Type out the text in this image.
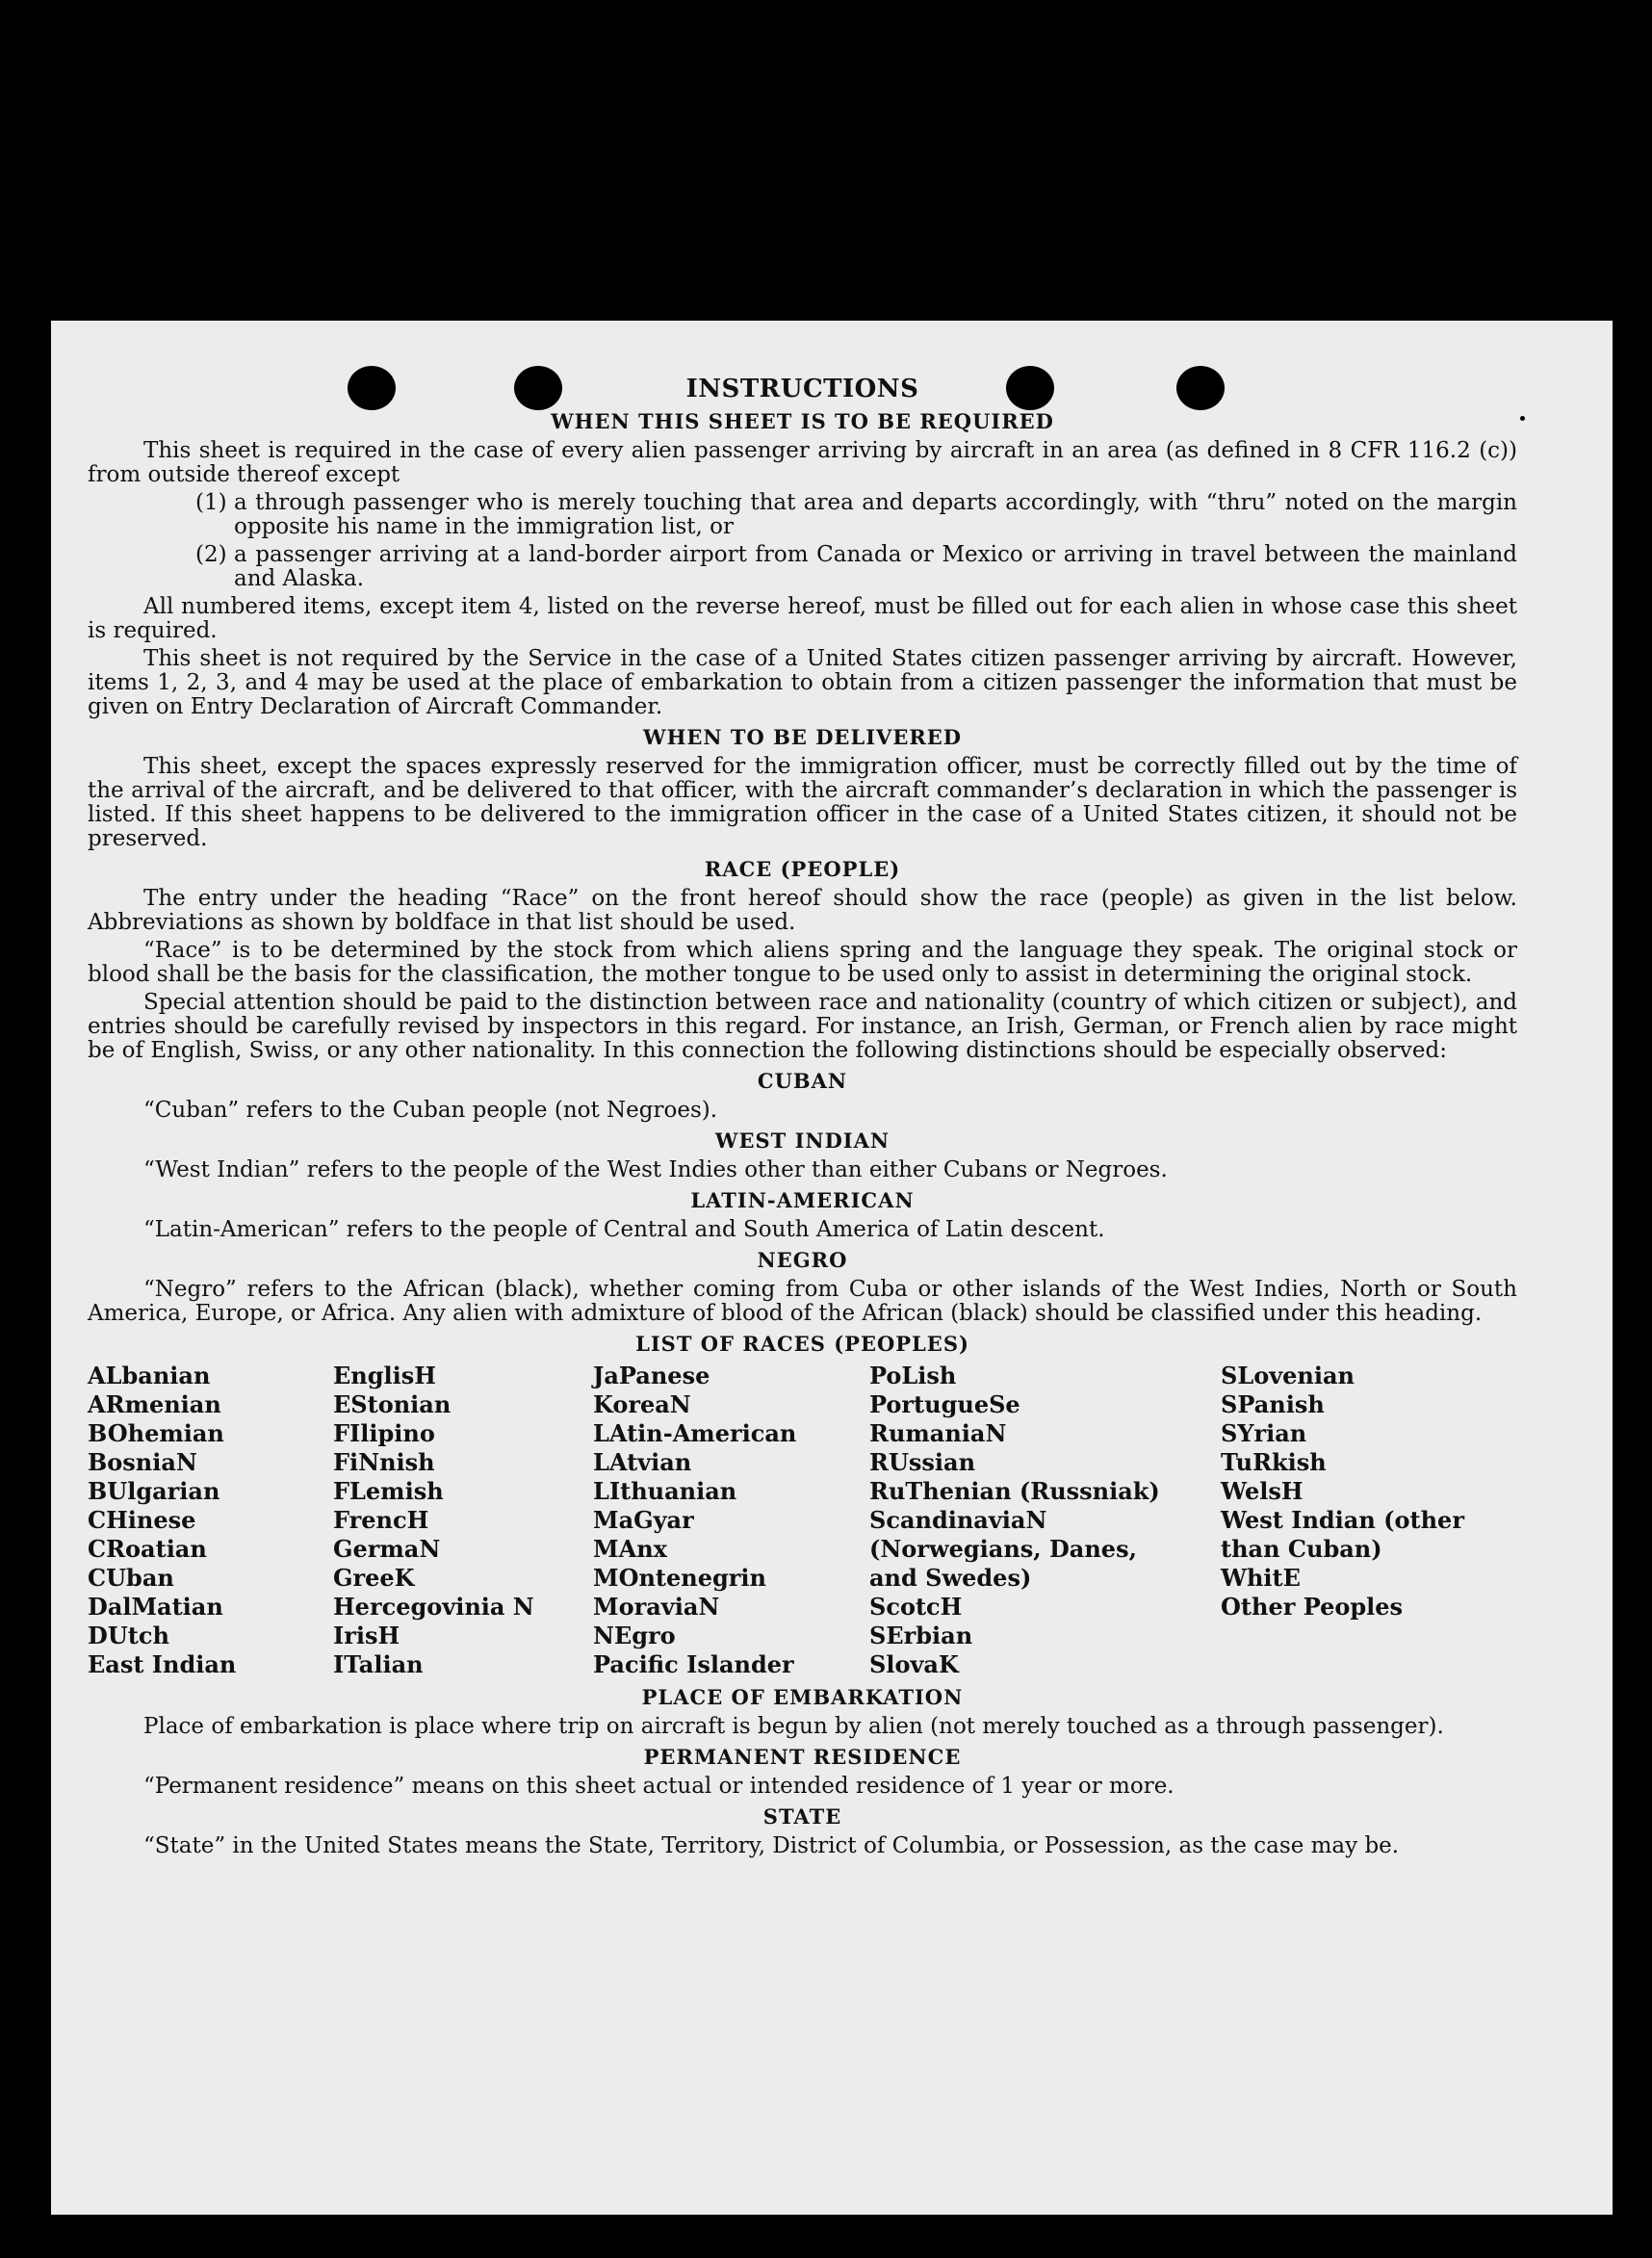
INSTRUCTIONS
WHEN THIS SHEET IS TO BE REQUIRED

This sheet is required in the case of every alien passenger arriving by aircraft in an area (as defined in 8 CFR 116.2 (c)) from outside thereof except

(1) a through passenger who is merely touching that area and departs accordingly, with “thru” noted on the margin opposite his name in the immigration list, or
(2) a passenger arriving at a land-border airport from Canada or Mexico or arriving in travel between the mainland and Alaska.

All numbered items, except item 4, listed on the reverse hereof, must be filled out for each alien in whose case this sheet is required.

This sheet is not required by the Service in the case of a United States citizen passenger arriving by aircraft. However, items 1, 2, 3, and 4 may be used at the place of embarkation to obtain from a citizen passenger the information that must be given on Entry Declaration of Aircraft Commander.

WHEN TO BE DELIVERED

This sheet, except the spaces expressly reserved for the immigration officer, must be correctly filled out by the time of the arrival of the aircraft, and be delivered to that officer, with the aircraft commander’s declaration in which the passenger is listed. If this sheet happens to be delivered to the immigration officer in the case of a United States citizen, it should not be preserved.

RACE (PEOPLE)

The entry under the heading “Race” on the front hereof should show the race (people) as given in the list below. Abbreviations as shown by boldface in that list should be used.

“Race” is to be determined by the stock from which aliens spring and the language they speak. The original stock or blood shall be the basis for the classification, the mother tongue to be used only to assist in determining the original stock.

Special attention should be paid to the distinction between race and nationality (country of which citizen or subject), and entries should be carefully revised by inspectors in this regard. For instance, an Irish, German, or French alien by race might be of English, Swiss, or any other nationality. In this connection the following distinctions should be especially observed:

CUBAN

“Cuban” refers to the Cuban people (not Negroes).

WEST INDIAN

“West Indian” refers to the people of the West Indies other than either Cubans or Negroes.

LATIN-AMERICAN

“Latin-American” refers to the people of Central and South America of Latin descent.

NEGRO

“Negro” refers to the African (black), whether coming from Cuba or other islands of the West Indies, North or South America, Europe, or Africa. Any alien with admixture of blood of the African (black) should be classified under this heading.

LIST OF RACES (PEOPLES)
ALbanian
ARmenian
BOhemian
BosniaN
BUlgarian
CHinese
CRoatian
CUban
DalMatian
DUtch
East Indian
EnglisH
EStonian
FIlipino
FiNnish
FLemish
FrencH
GermaN
GreeK
Hercegovinia N
IrisH
ITalian
JaPanese
KoreaN
LAtin-American
LAtvian
LIthuanian
MaGyar
MAnx
MOntenegrin
MoraviaN
NEgro
Pacific Islander
PoLish
PortugueSe
RumaniaN
RUssian
RuThenian (Russniak)
ScandinaviaN (Norwegians, Danes, and Swedes)
ScotcH
SErbian
SlovaK
SLovenian
SPanish
SYrian
TuRkish
WelsH
West Indian (other than Cuban)
WhitE
Other Peoples
PLACE OF EMBARKATION

Place of embarkation is place where trip on aircraft is begun by alien (not merely touched as a through passenger).

PERMANENT RESIDENCE

“Permanent residence” means on this sheet actual or intended residence of 1 year or more.

STATE

“State” in the United States means the State, Territory, District of Columbia, or Possession, as the case may be.
